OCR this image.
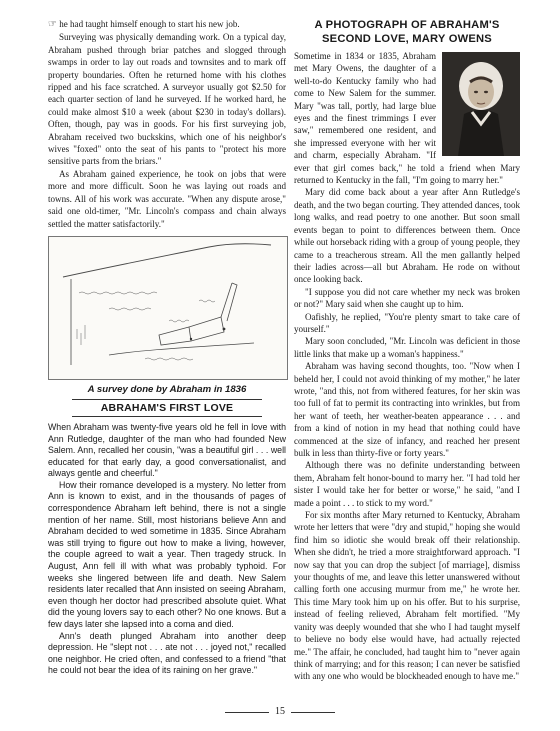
☞ he had taught himself enough to start his new job.

Surveying was physically demanding work. On a typical day, Abraham pushed through briar patches and slogged through swamps in order to lay out roads and townsites and to mark off property boundaries. Often he returned home with his clothes ripped and his face scratched. A surveyor usually got $2.50 for each quarter section of land he surveyed. If he worked hard, he could make almost $10 a week (about $230 in today's dollars). Often, though, pay was in goods. For his first surveying job, Abraham received two buckskins, which one of his neighbor's wives "foxed" onto the seat of his pants to "protect his more sensitive parts from the briars."

As Abraham gained experience, he took on jobs that were more and more difficult. Soon he was laying out roads and towns. All of his work was accurate. "When any dispute arose," said one old-timer, "Mr. Lincoln's compass and chain always settled the matter satisfactorily."

A survey done by Abraham in 1836
ABRAHAM'S FIRST LOVE

When Abraham was twenty-five years old he fell in love with Ann Rutledge, daughter of the man who had founded New Salem. Ann, recalled her cousin, "was a beautiful girl . . . well educated for that early day, a good conversationalist, and always gentle and cheerful."

How their romance developed is a mystery. No letter from Ann is known to exist, and in the thousands of pages of correspondence Abraham left behind, there is not a single mention of her name. Still, most historians believe Ann and Abraham decided to wed sometime in 1835. Since Abraham was still trying to figure out how to make a living, however, the couple agreed to wait a year. Then tragedy struck. In August, Ann fell ill with what was probably typhoid. For weeks she lingered between life and death. New Salem residents later recalled that Ann insisted on seeing Abraham, even though her doctor had prescribed absolute quiet. What did the young lovers say to each other? No one knows. But a few days later she lapsed into a coma and died.

Ann's death plunged Abraham into another deep depression. He "slept not . . . ate not . . . joyed not," recalled one neighbor. He cried often, and confessed to a friend "that he could not bear the idea of its raining on her grave."

A PHOTOGRAPH OF ABRAHAM'S SECOND LOVE, MARY OWENS

Sometime in 1834 or 1835, Abraham met Mary Owens, the daughter of a well-to-do Kentucky family who had come to New Salem for the summer. Mary "was tall, portly, had large blue eyes and the finest trimmings I ever saw," remembered one resident, and she impressed everyone with her wit and charm, especially Abraham. "If ever that girl comes back," he told a friend when Mary returned to Kentucky in the fall, "I'm going to marry her."

Mary did come back about a year after Ann Rutledge's death, and the two began courting. They attended dances, took long walks, and read poetry to one another. But soon small events began to point to differences between them. Once while out horseback riding with a group of young people, they came to a treacherous stream. All the men gallantly helped their ladies across—all but Abraham. He rode on without once looking back.

"I suppose you did not care whether my neck was broken or not?" Mary said when she caught up to him.

Oafishly, he replied, "You're plenty smart to take care of yourself."

Mary soon concluded, "Mr. Lincoln was deficient in those little links that make up a woman's happiness."

Abraham was having second thoughts, too. "Now when I beheld her, I could not avoid thinking of my mother," he later wrote, "and this, not from withered features, for her skin was too full of fat to permit its contracting into wrinkles, but from her want of teeth, her weather-beaten appearance . . . and from a kind of notion in my head that nothing could have commenced at the size of infancy, and reached her present bulk in less than thirty-five or forty years."

Although there was no definite understanding between them, Abraham felt honor-bound to marry her. "I had told her sister I would take her for better or worse," he said, "and I made a point . . . to stick to my word."

For six months after Mary returned to Kentucky, Abraham wrote her letters that were "dry and stupid," hoping she would find him so idiotic she would break off their relationship. When she didn't, he tried a more straightforward approach. "I now say that you can drop the subject [of marriage], dismiss your thoughts of me, and leave this letter unanswered without calling forth one accusing murmur from me," he wrote her. This time Mary took him up on his offer. But to his surprise, instead of feeling relieved, Abraham felt mortified. "My vanity was deeply wounded that she who I had taught myself to believe no body else would have, had actually rejected me." The affair, he concluded, had taught him to "never again think of marrying; and for this reason; I can never be satisfied with any one who would be blockheaded enough to have me."

15
